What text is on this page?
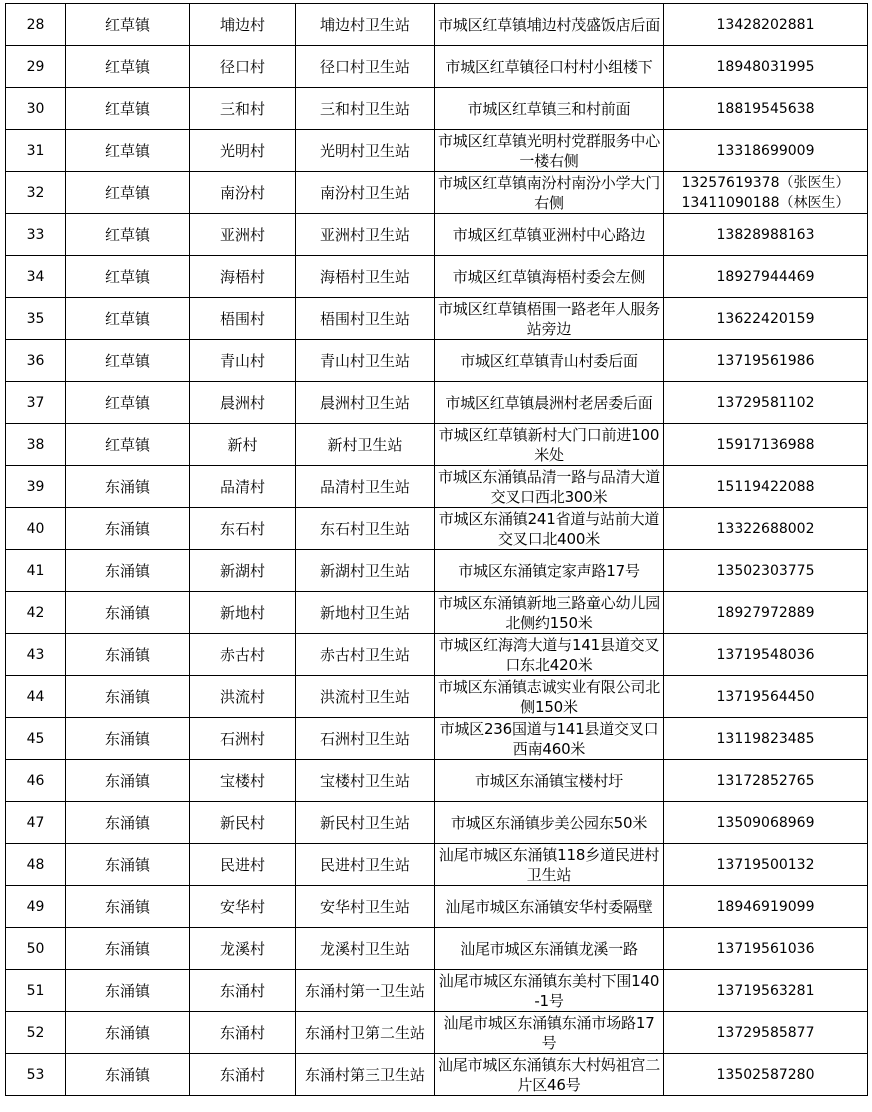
28	红草镇	埔边村	埔边村卫生站	市城区红草镇埔边村茂盛饭店后面	13428202881

29	红草镇	径口村	径口村卫生站	市城区红草镇径口村村小组楼下	18948031995

30	红草镇	三和村	三和村卫生站	市城区红草镇三和村前面	18819545638

31	红草镇	光明村	光明村卫生站	市城区红草镇光明村党群服务中心一楼右侧	13318699009

32	红草镇	南汾村	南汾村卫生站	市城区红草镇南汾村南汾小学大门右侧	13257619378（张医生）
13411090188（林医生）

33	红草镇	亚洲村	亚洲村卫生站	市城区红草镇亚洲村中心路边	13828988163

34	红草镇	海梧村	海梧村卫生站	市城区红草镇海梧村委会左侧	18927944469

35	红草镇	梧围村	梧围村卫生站	市城区红草镇梧围一路老年人服务站旁边	13622420159

36	红草镇	青山村	青山村卫生站	市城区红草镇青山村委后面	13719561986

37	红草镇	晨洲村	晨洲村卫生站	市城区红草镇晨洲村老居委后面	13729581102

38	红草镇	新村	新村卫生站	市城区红草镇新村大门口前进100米处	15917136988

39	东涌镇	品清村	品清村卫生站	市城区东涌镇品清一路与品清大道交叉口西北300米	15119422088

40	东涌镇	东石村	东石村卫生站	市城区东涌镇241省道与站前大道交叉口北400米	13322688002

41	东涌镇	新湖村	新湖村卫生站	市城区东涌镇定家声路17号	13502303775

42	东涌镇	新地村	新地村卫生站	市城区东涌镇新地三路童心幼儿园北侧约150米	18927972889

43	东涌镇	赤古村	赤古村卫生站	市城区红海湾大道与141县道交叉口东北420米	13719548036

44	东涌镇	洪流村	洪流村卫生站	市城区东涌镇志诚实业有限公司北侧150米	13719564450

45	东涌镇	石洲村	石洲村卫生站	市城区236国道与141县道交叉口西南460米	13119823485

46	东涌镇	宝楼村	宝楼村卫生站	市城区东涌镇宝楼村圩	13172852765

47	东涌镇	新民村	新民村卫生站	市城区东涌镇步美公园东50米	13509068969

48	东涌镇	民进村	民进村卫生站	汕尾市城区东涌镇118乡道民进村卫生站	13719500132

49	东涌镇	安华村	安华村卫生站	汕尾市城区东涌镇安华村委隔壁	18946919099

50	东涌镇	龙溪村	龙溪村卫生站	汕尾市城区东涌镇龙溪一路	13719561036

51	东涌镇	东涌村	东涌村第一卫生站	汕尾市城区东涌镇东美村下围140-1号	13719563281

52	东涌镇	东涌村	东涌村卫第二生站	汕尾市城区东涌镇东涌市场路17号	13729585877

53	东涌镇	东涌村	东涌村第三卫生站	汕尾市城区东涌镇东大村妈祖宫二片区46号	13502587280
